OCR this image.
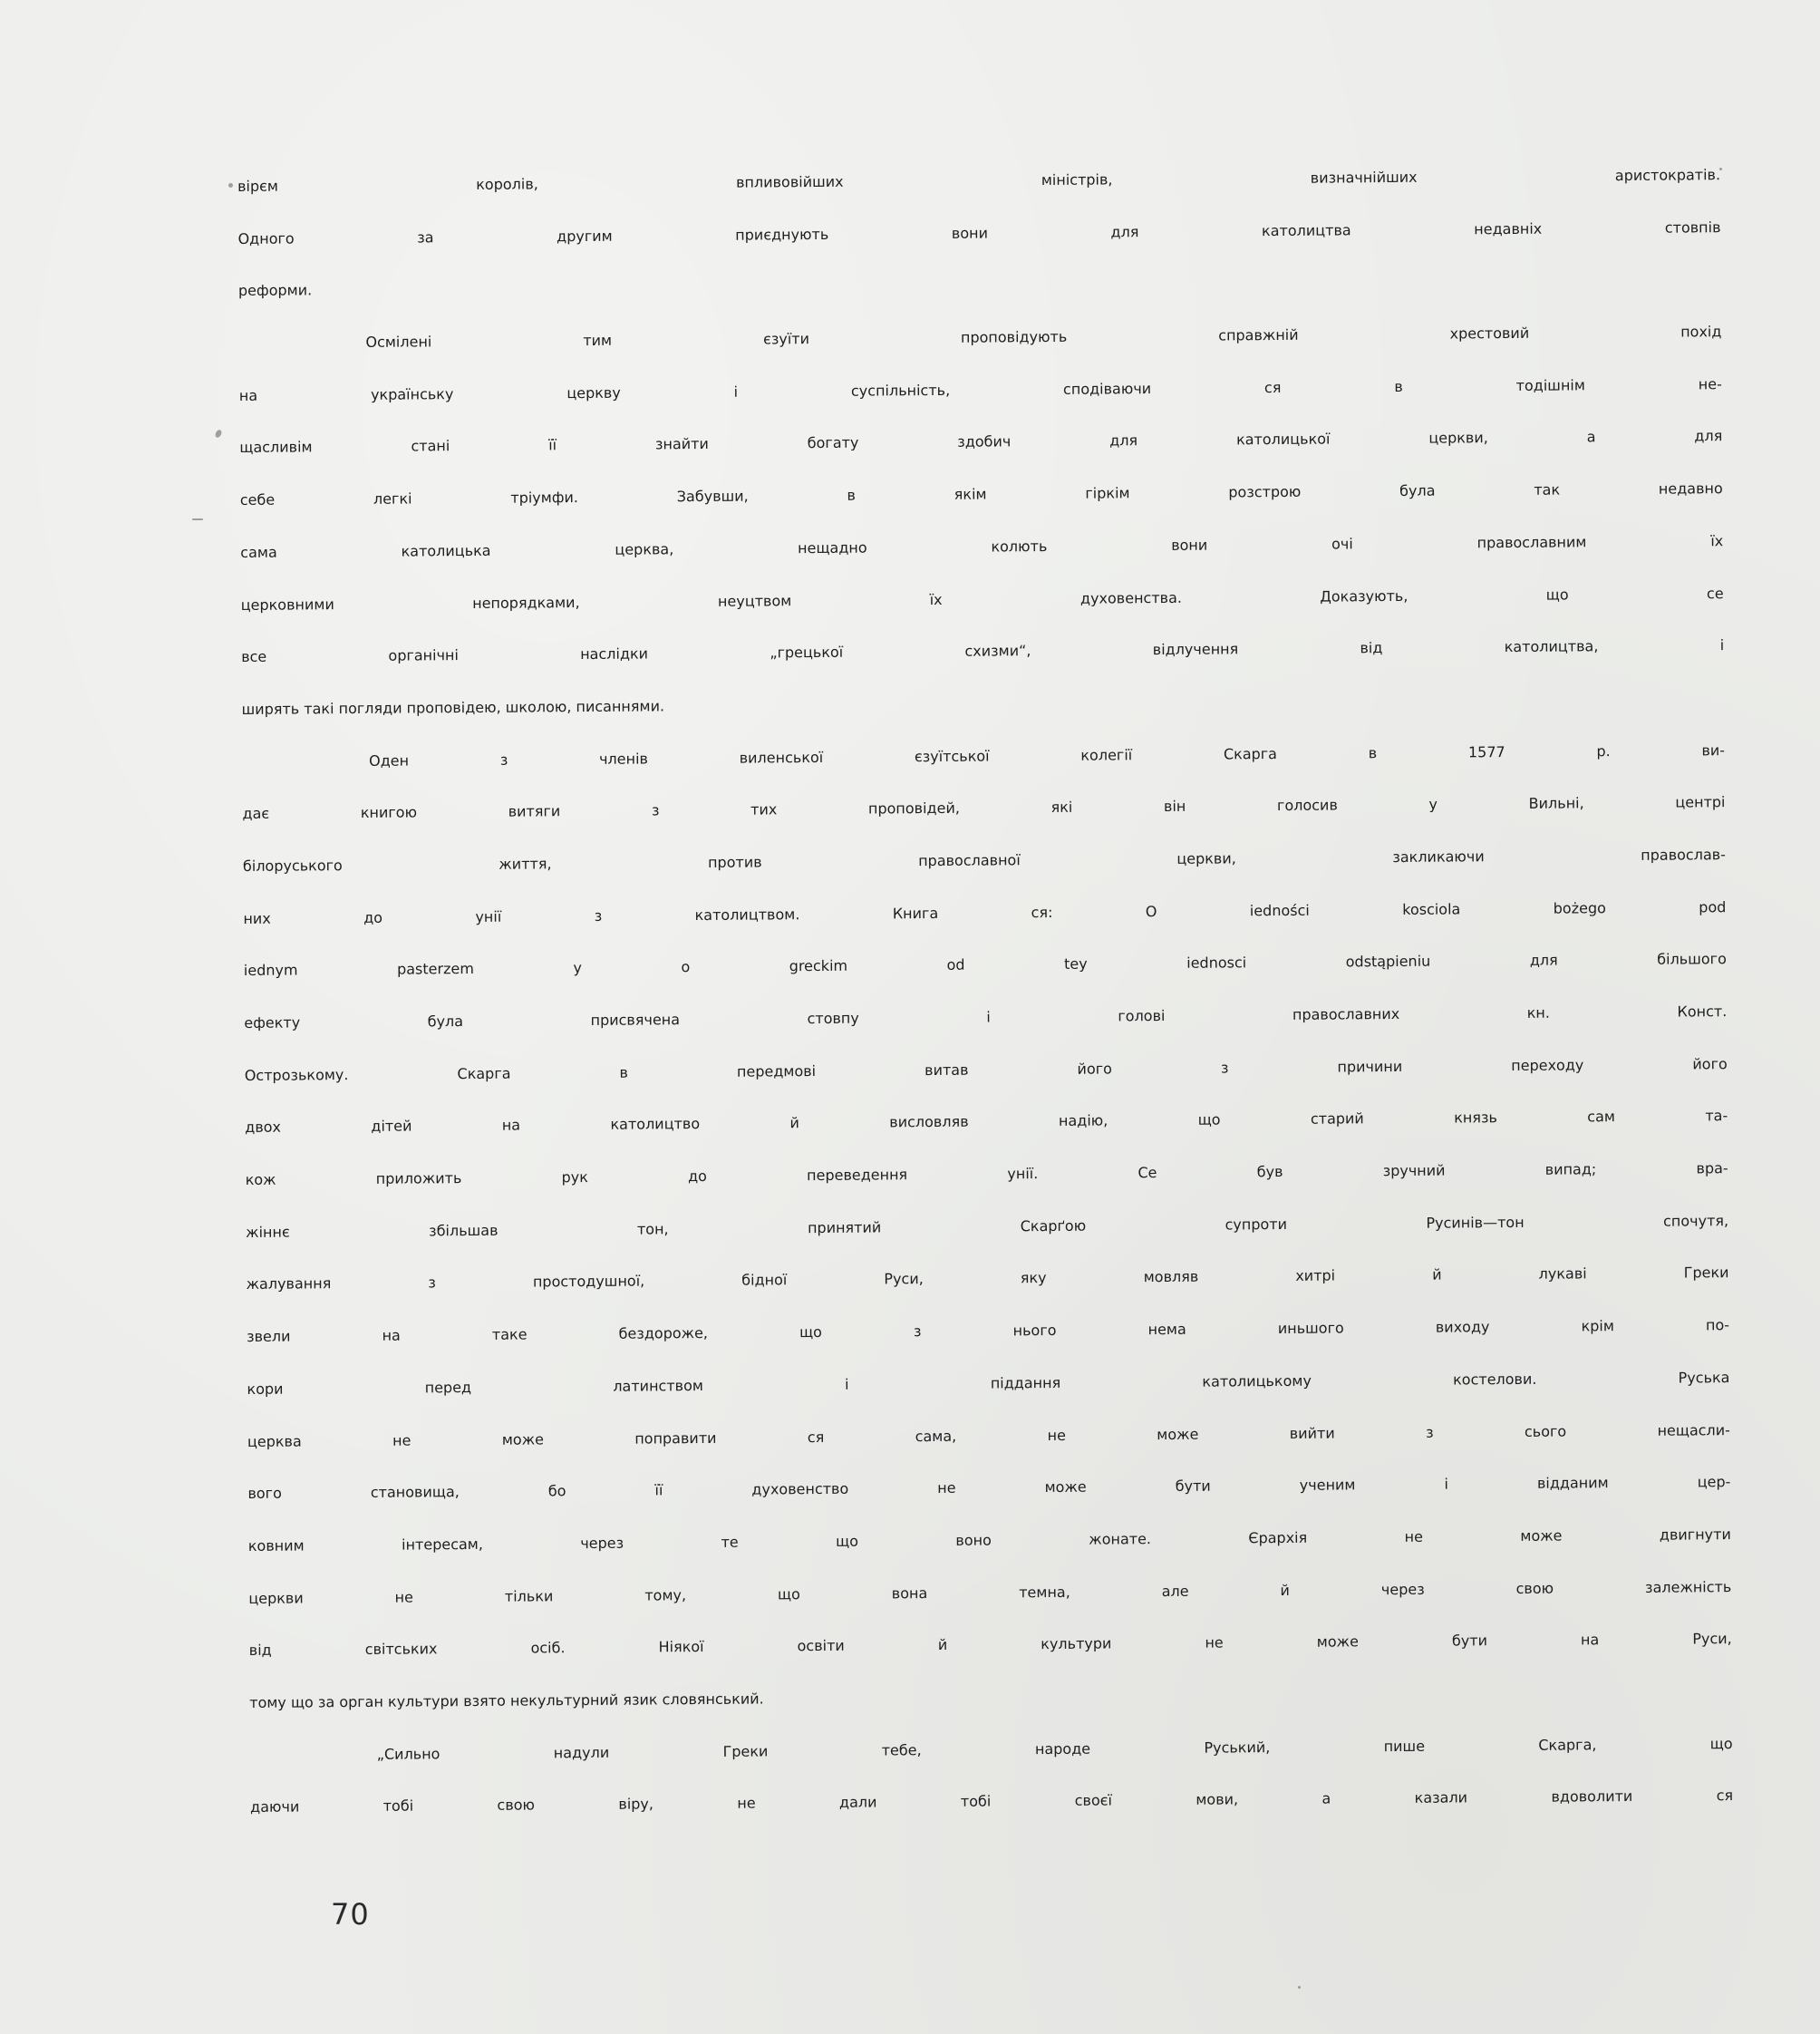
вірєм королів, впливовійших міністрів, визначнійших аристократів.
Одного за другим приєднують вони для католицтва недавніх стовпів
реформи.
Осмілені тим єзуїти проповідують справжній хрестовий похід
на українську церкву і суспільність, сподіваючи ся в тодішнім не-
щасливім стані її знайти богату здобич для католицької церкви, а для
себе легкі тріумфи. Забувши, в якім гіркім розстрою була так недавно
сама католицька церква, нещадно колють вони очі православним їх
церковними непорядками, неуцтвом їх духовенства. Доказують, що се
все органічні наслідки „грецької схизми“, відлучення від католицтва, і
ширять такі погляди проповідею, школою, писаннями.
Оден з членів виленської єзуїтської колегії Скарга в 1577 р. ви-
дає книгою витяги з тих проповідей, які він голосив у Вильні, центрі
білоруського життя, против православної церкви, закликаючи православ-
них до унії з католицтвом. Книга ся: O iedności kosciola bożego pod
iednym pasterzem y o greckim od tey iednosci odstąpieniu для більшого
ефекту була присвячена стовпу і голові православних кн. Конст.
Острозькому. Скарга в передмові витав його з причини переходу його
двох дітей на католицтво й висловляв надію, що старий князь сам та-
кож приложить рук до переведення унії. Се був зручний випад; вра-
жіннє збільшав тон, принятий Скарґою супроти Русинів—тон спочутя,
жалування з простодушної, бідної Руси, яку мовляв хитрі й лукаві Греки
звели на таке бездороже, що з нього нема иньшого виходу крім по-
кори перед латинством і піддання католицькому костелови. Руська
церква не може поправити ся сама, не може вийти з сього нещасли-
вого становища, бо її духовенство не може бути ученим і відданим цер-
ковним інтересам, через те що воно жонате. Єрархія не може двигнути
церкви не тільки тому, що вона темна, але й через свою залежність
від світських осіб. Ніякої освіти й культури не може бути на Руси,
тому що за орган культури взято некультурний язик словянський.
„Сильно надули Греки тебе, народе Руський, пише Скарга, що
даючи тобі свою віру, не дали тобі своєї мови, а казали вдоволити ся
70
